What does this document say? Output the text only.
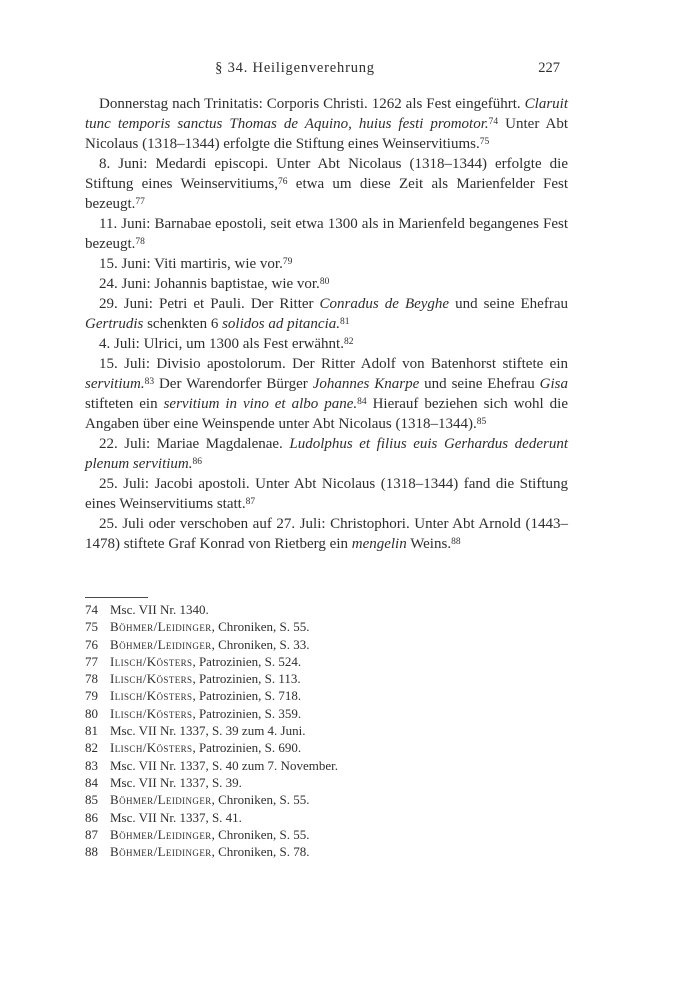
§ 34. Heiligenverehrung	227

Donnerstag nach Trinitatis: Corporis Christi. 1262 als Fest eingeführt. Claruit tunc temporis sanctus Thomas de Aquino, huius festi promotor.$^{74}$ Unter Abt Nicolaus (1318–1344) erfolgte die Stiftung eines Weinservitiums.$^{75}$

8. Juni: Medardi episcopi. Unter Abt Nicolaus (1318–1344) erfolgte die Stiftung eines Weinservitiums,$^{76}$ etwa um diese Zeit als Marienfelder Fest bezeugt.$^{77}$

11. Juni: Barnabae epostoli, seit etwa 1300 als in Marienfeld begangenes Fest bezeugt.$^{78}$

15. Juni: Viti martiris, wie vor.$^{79}$

24. Juni: Johannis baptistae, wie vor.$^{80}$

29. Juni: Petri et Pauli. Der Ritter Conradus de Beyghe und seine Ehefrau Gertrudis schenkten 6 solidos ad pitancia.$^{81}$

4. Juli: Ulrici, um 1300 als Fest erwähnt.$^{82}$

15. Juli: Divisio apostolorum. Der Ritter Adolf von Batenhorst stiftete ein servitium.$^{83}$ Der Warendorfer Bürger Johannes Knarpe und seine Ehefrau Gisa stifteten ein servitium in vino et albo pane.$^{84}$ Hierauf beziehen sich wohl die Angaben über eine Weinspende unter Abt Nicolaus (1318–1344).$^{85}$

22. Juli: Mariae Magdalenae. Ludolphus et filius euis Gerhardus dederunt plenum servitium.$^{86}$

25. Juli: Jacobi apostoli. Unter Abt Nicolaus (1318–1344) fand die Stiftung eines Weinservitiums statt.$^{87}$

25. Juli oder verschoben auf 27. Juli: Christophori. Unter Abt Arnold (1443–1478) stiftete Graf Konrad von Rietberg ein mengelin Weins.$^{88}$

74 Msc. VII Nr. 1340.
75 Böhmer/Leidinger, Chroniken, S. 55.
76 Böhmer/Leidinger, Chroniken, S. 33.
77 Ilisch/Kösters, Patrozinien, S. 524.
78 Ilisch/Kösters, Patrozinien, S. 113.
79 Ilisch/Kösters, Patrozinien, S. 718.
80 Ilisch/Kösters, Patrozinien, S. 359.
81 Msc. VII Nr. 1337, S. 39 zum 4. Juni.
82 Ilisch/Kösters, Patrozinien, S. 690.
83 Msc. VII Nr. 1337, S. 40 zum 7. November.
84 Msc. VII Nr. 1337, S. 39.
85 Böhmer/Leidinger, Chroniken, S. 55.
86 Msc. VII Nr. 1337, S. 41.
87 Böhmer/Leidinger, Chroniken, S. 55.
88 Böhmer/Leidinger, Chroniken, S. 78.
